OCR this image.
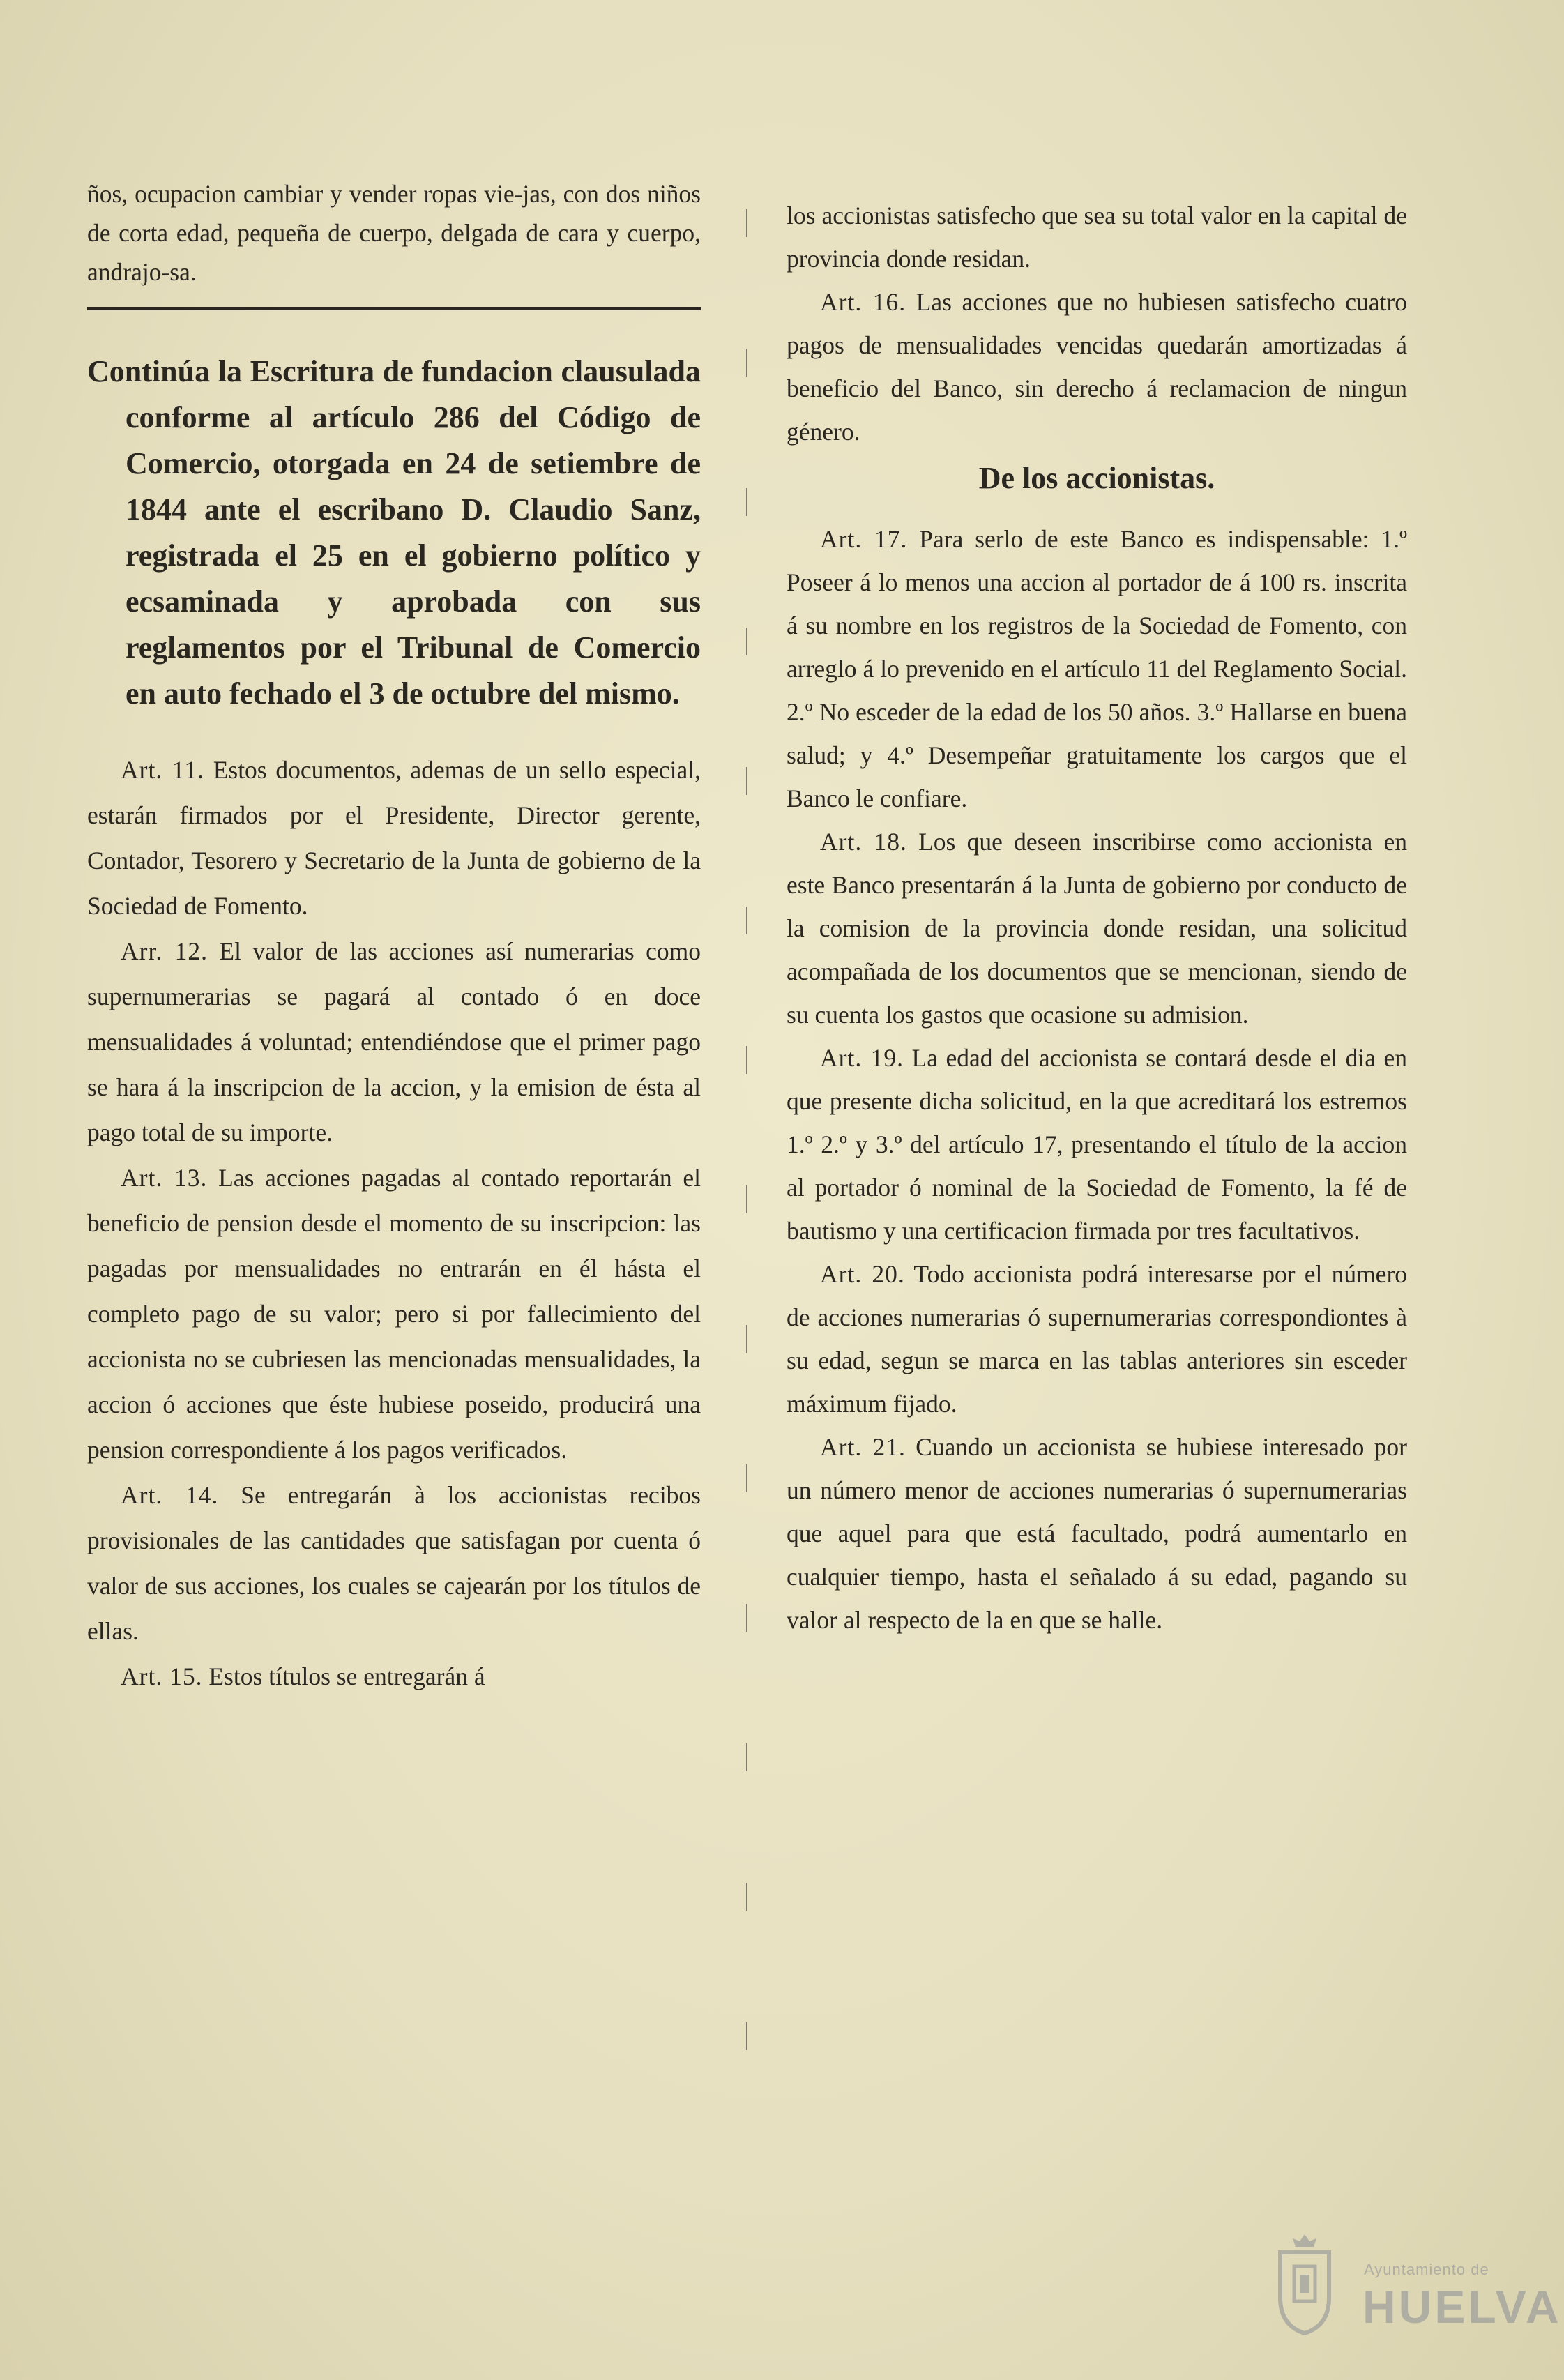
ños, ocupacion cambiar y vender ropas vie-jas, con dos niños de corta edad, pequeña de cuerpo, delgada de cara y cuerpo, andrajo-sa.

Continúa la Escritura de fundacion clausulada conforme al artículo 286 del Código de Comercio, otorgada en 24 de setiembre de 1844 ante el escribano D. Claudio Sanz, registrada el 25 en el gobierno político y ecsaminada y aprobada con sus reglamentos por el Tribunal de Comercio en auto fechado el 3 de octubre del mismo.

Art. 11. Estos documentos, ademas de un sello especial, estarán firmados por el Presidente, Director gerente, Contador, Tesorero y Secretario de la Junta de gobierno de la Sociedad de Fomento.

Arr. 12. El valor de las acciones así numerarias como supernumerarias se pagará al contado ó en doce mensualidades á voluntad; entendiéndose que el primer pago se hara á la inscripcion de la accion, y la emision de ésta al pago total de su importe.

Art. 13. Las acciones pagadas al contado reportarán el beneficio de pension desde el momento de su inscripcion: las pagadas por mensualidades no entrarán en él hásta el completo pago de su valor; pero si por fallecimiento del accionista no se cubriesen las mencionadas mensualidades, la accion ó acciones que éste hubiese poseido, producirá una pension correspondiente á los pagos verificados.

Art. 14. Se entregarán à los accionistas recibos provisionales de las cantidades que satisfagan por cuenta ó valor de sus acciones, los cuales se cajearán por los títulos de ellas.

Art. 15. Estos títulos se entregarán á

los accionistas satisfecho que sea su total valor en la capital de provincia donde residan.

Art. 16. Las acciones que no hubiesen satisfecho cuatro pagos de mensualidades vencidas quedarán amortizadas á beneficio del Banco, sin derecho á reclamacion de ningun género.

De los accionistas.

Art. 17. Para serlo de este Banco es indispensable: 1.º Poseer á lo menos una accion al portador de á 100 rs. inscrita á su nombre en los registros de la Sociedad de Fomento, con arreglo á lo prevenido en el artículo 11 del Reglamento Social. 2.º No esceder de la edad de los 50 años. 3.º Hallarse en buena salud; y 4.º Desempeñar gratuitamente los cargos que el Banco le confiare.

Art. 18. Los que deseen inscribirse como accionista en este Banco presentarán á la Junta de gobierno por conducto de la comision de la provincia donde residan, una solicitud acompañada de los documentos que se mencionan, siendo de su cuenta los gastos que ocasione su admision.

Art. 19. La edad del accionista se contará desde el dia en que presente dicha solicitud, en la que acreditará los estremos 1.º 2.º y 3.º del artículo 17, presentando el título de la accion al portador ó nominal de la Sociedad de Fomento, la fé de bautismo y una certificacion firmada por tres facultativos.

Art. 20. Todo accionista podrá interesarse por el número de acciones numerarias ó supernumerarias correspondiontes à su edad, segun se marca en las tablas anteriores sin esceder máximum fijado.

Art. 21. Cuando un accionista se hubiese interesado por un número menor de acciones numerarias ó supernumerarias que aquel para que está facultado, podrá aumentarlo en cualquier tiempo, hasta el señalado á su edad, pagando su valor al respecto de la en que se halle.

Ayuntamiento de
HUELVA
